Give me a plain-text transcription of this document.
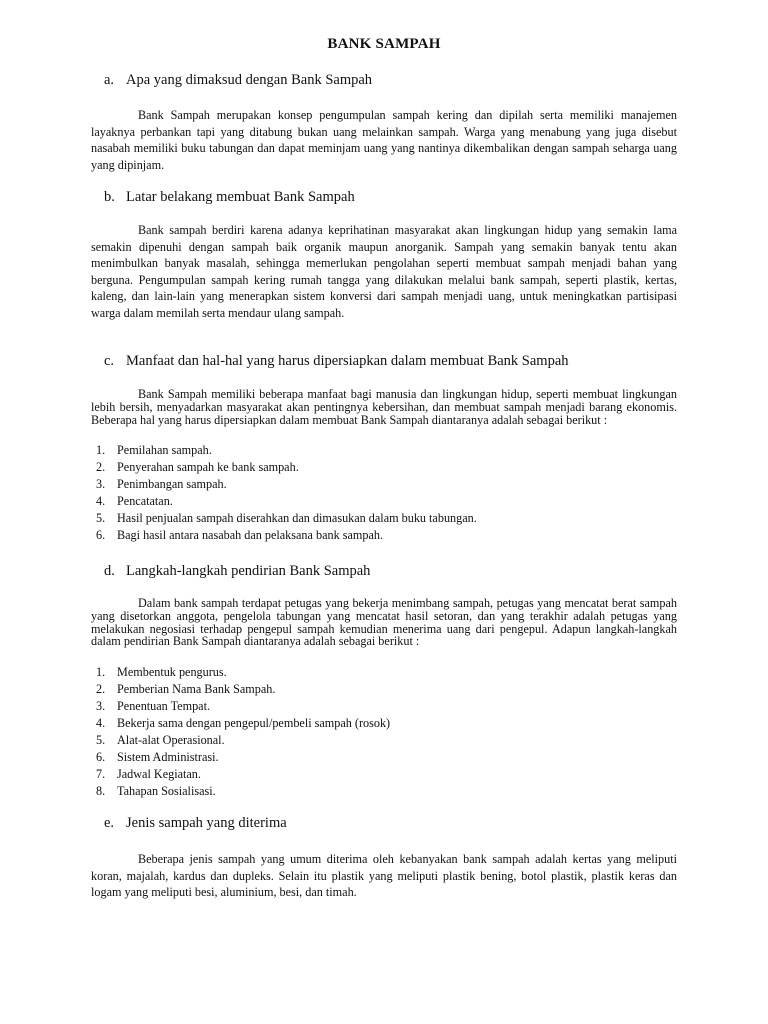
BANK SAMPAH
a. Apa yang dimaksud dengan Bank Sampah

Bank Sampah merupakan konsep pengumpulan sampah kering dan dipilah serta memiliki manajemen layaknya perbankan tapi yang ditabung bukan uang melainkan sampah. Warga yang menabung yang juga disebut nasabah memiliki buku tabungan dan dapat meminjam uang yang nantinya dikembalikan dengan sampah seharga uang yang dipinjam.

b. Latar belakang membuat Bank Sampah

Bank sampah berdiri karena adanya keprihatinan masyarakat akan lingkungan hidup yang semakin lama semakin dipenuhi dengan sampah baik organik maupun anorganik. Sampah yang semakin banyak tentu akan menimbulkan banyak masalah, sehingga memerlukan pengolahan seperti membuat sampah menjadi bahan yang berguna. Pengumpulan sampah kering rumah tangga yang dilakukan melalui bank sampah, seperti plastik, kertas, kaleng, dan lain-lain yang menerapkan sistem konversi dari sampah menjadi uang, untuk meningkatkan partisipasi warga dalam memilah serta mendaur ulang sampah.

c. Manfaat dan hal-hal yang harus dipersiapkan dalam membuat Bank Sampah

Bank Sampah memiliki beberapa manfaat bagi manusia dan lingkungan hidup, seperti membuat lingkungan lebih bersih, menyadarkan masyarakat akan pentingnya kebersihan, dan membuat sampah menjadi barang ekonomis. Beberapa hal yang harus dipersiapkan dalam membuat Bank Sampah diantaranya adalah sebagai berikut :

1. Pemilahan sampah.
2. Penyerahan sampah ke bank sampah.
3. Penimbangan sampah.
4. Pencatatan.
5. Hasil penjualan sampah diserahkan dan dimasukan dalam buku tabungan.
6. Bagi hasil antara nasabah dan pelaksana bank sampah.
d. Langkah-langkah pendirian Bank Sampah

Dalam bank sampah terdapat petugas yang bekerja menimbang sampah, petugas yang mencatat berat sampah yang disetorkan anggota, pengelola tabungan yang mencatat hasil setoran, dan yang terakhir adalah petugas yang melakukan negosiasi terhadap pengepul sampah kemudian menerima uang dari pengepul. Adapun langkah-langkah dalam pendirian Bank Sampah diantaranya adalah sebagai berikut :

1. Membentuk pengurus.
2. Pemberian Nama Bank Sampah.
3. Penentuan Tempat.
4. Bekerja sama dengan pengepul/pembeli sampah (rosok)
5. Alat-alat Operasional.
6. Sistem Administrasi.
7. Jadwal Kegiatan.
8. Tahapan Sosialisasi.
e. Jenis sampah yang diterima

Beberapa jenis sampah yang umum diterima oleh kebanyakan bank sampah adalah kertas yang meliputi koran, majalah, kardus dan dupleks. Selain itu plastik yang meliputi plastik bening, botol plastik, plastik keras dan logam yang meliputi besi, aluminium, besi, dan timah.
